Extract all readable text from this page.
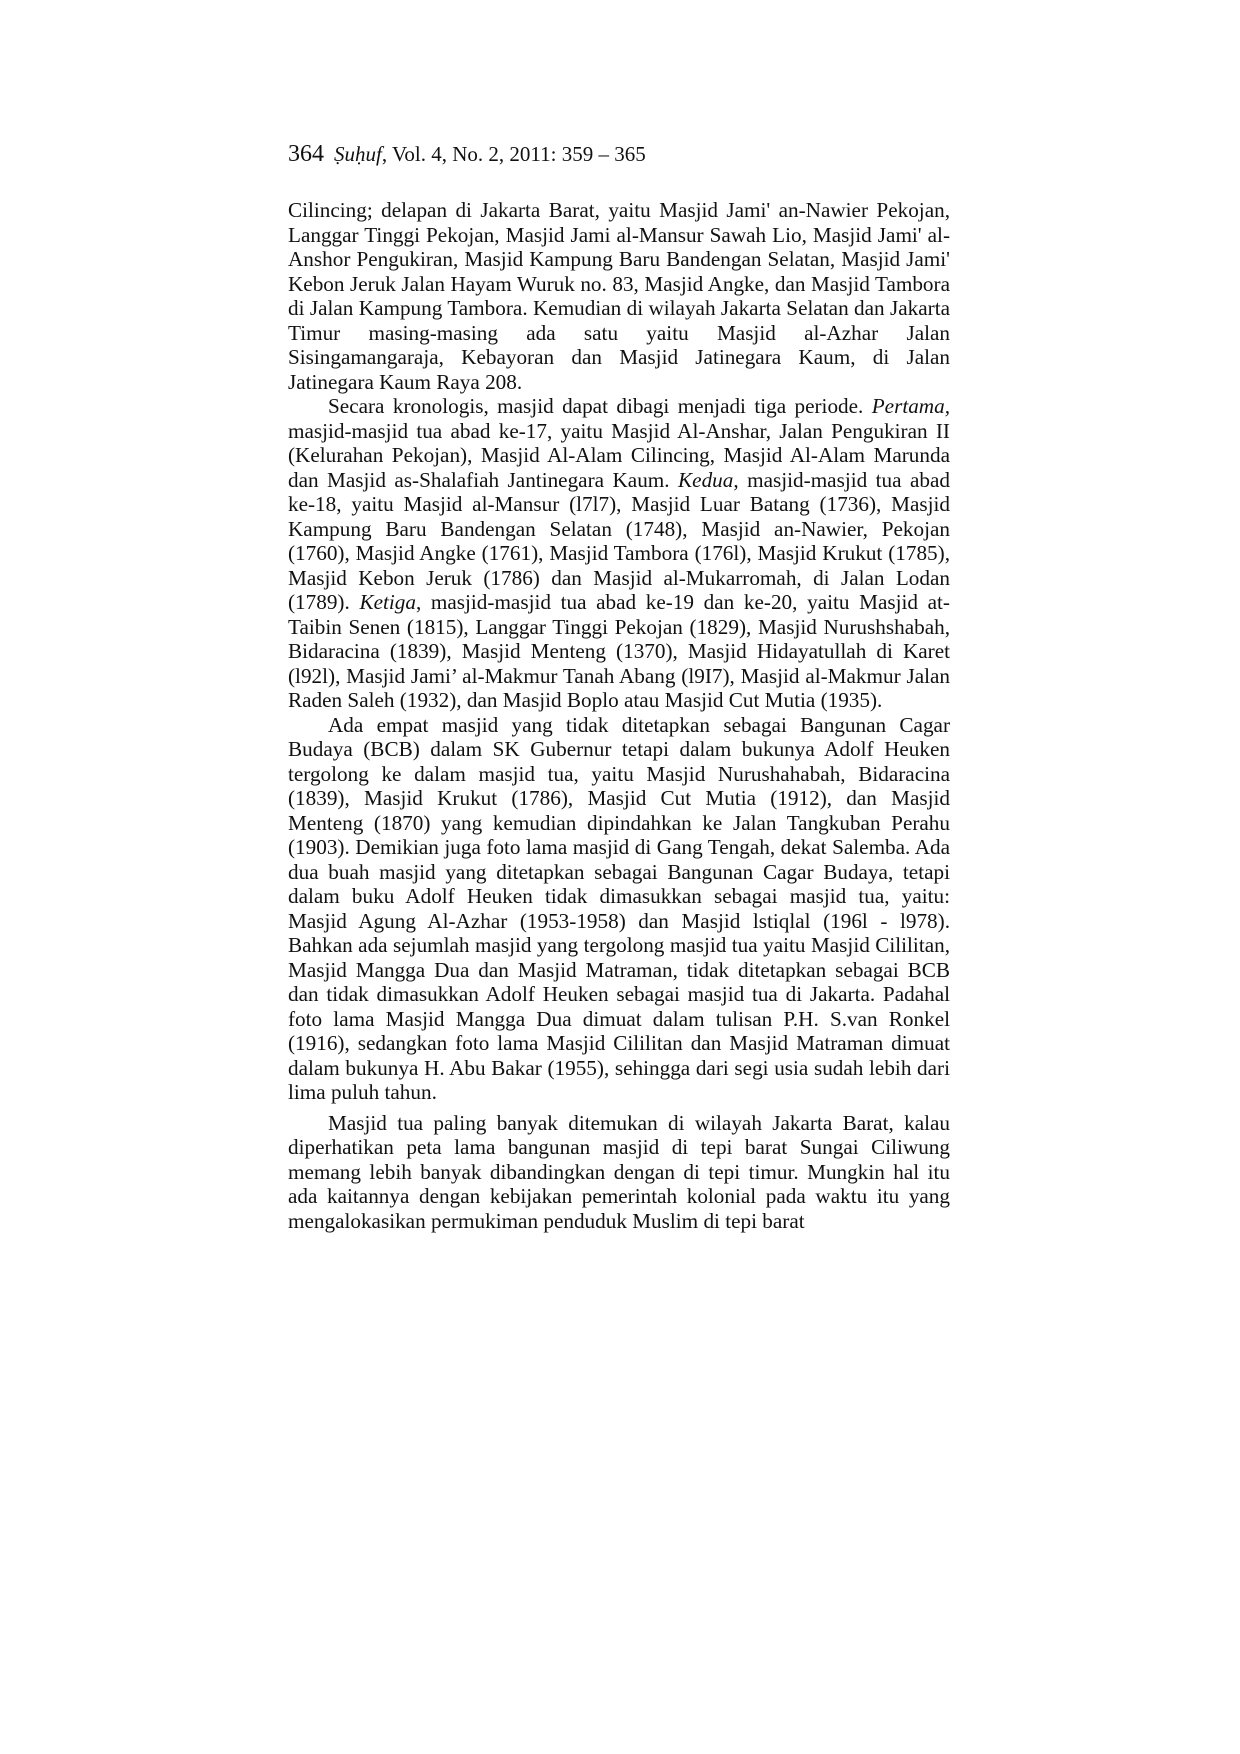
364 Ṣuḥuf, Vol. 4, No. 2, 2011: 359 – 365

Cilincing; delapan di Jakarta Barat, yaitu Masjid Jami' an-Nawier Pekojan, Langgar Tinggi Pekojan, Masjid Jami al-Mansur Sawah Lio, Masjid Jami' al-Anshor Pengukiran, Masjid Kampung Baru Bandengan Selatan, Masjid Jami' Kebon Jeruk Jalan Hayam Wuruk no. 83, Masjid Angke, dan Masjid Tambora di Jalan Kampung Tambora. Kemudian di wilayah Jakarta Selatan dan Jakarta Timur masing-masing ada satu yaitu Masjid al-Azhar Jalan Sisingamangaraja, Kebayoran dan Masjid Jatinegara Kaum, di Jalan Jatinegara Kaum Raya 208.

Secara kronologis, masjid dapat dibagi menjadi tiga periode. Pertama, masjid-masjid tua abad ke-17, yaitu Masjid Al-Anshar, Jalan Pengukiran II (Kelurahan Pekojan), Masjid Al-Alam Cilincing, Masjid Al-Alam Marunda dan Masjid as-Shalafiah Jantinegara Kaum. Kedua, masjid-masjid tua abad ke-18, yaitu Masjid al-Mansur (l7l7), Masjid Luar Batang (1736), Masjid Kampung Baru Bandengan Selatan (1748), Masjid an-Nawier, Pekojan (1760), Masjid Angke (1761), Masjid Tambora (176l), Masjid Krukut (1785), Masjid Kebon Jeruk (1786) dan Masjid al-Mukarromah, di Jalan Lodan (1789). Ketiga, masjid-masjid tua abad ke-19 dan ke-20, yaitu Masjid at-Taibin Senen (1815), Langgar Tinggi Pekojan (1829), Masjid Nurushshabah, Bidaracina (1839), Masjid Menteng (1370), Masjid Hidayatullah di Karet (l92l), Masjid Jami’ al-Makmur Tanah Abang (l9I7), Masjid al-Makmur Jalan Raden Saleh (1932), dan Masjid Boplo atau Masjid Cut Mutia (1935).

Ada empat masjid yang tidak ditetapkan sebagai Bangunan Cagar Budaya (BCB) dalam SK Gubernur tetapi dalam bukunya Adolf Heuken tergolong ke dalam masjid tua, yaitu Masjid Nurushahabah, Bidaracina (1839), Masjid Krukut (1786), Masjid Cut Mutia (1912), dan Masjid Menteng (1870) yang kemudian dipindahkan ke Jalan Tangkuban Perahu (1903). Demikian juga foto lama masjid di Gang Tengah, dekat Salemba. Ada dua buah masjid yang ditetapkan sebagai Bangunan Cagar Budaya, tetapi dalam buku Adolf Heuken tidak dimasukkan sebagai masjid tua, yaitu: Masjid Agung Al-Azhar (1953-1958) dan Masjid lstiqlal (196l - l978). Bahkan ada sejumlah masjid yang tergolong masjid tua yaitu Masjid Cililitan, Masjid Mangga Dua dan Masjid Matraman, tidak ditetapkan sebagai BCB dan tidak dimasukkan Adolf Heuken sebagai masjid tua di Jakarta. Padahal foto lama Masjid Mangga Dua dimuat dalam tulisan P.H. S.van Ronkel (1916), sedangkan foto lama Masjid Cililitan dan Masjid Matraman dimuat dalam bukunya H. Abu Bakar (1955), sehingga dari segi usia sudah lebih dari lima puluh tahun.

Masjid tua paling banyak ditemukan di wilayah Jakarta Barat, kalau diperhatikan peta lama bangunan masjid di tepi barat Sungai Ciliwung memang lebih banyak dibandingkan dengan di tepi timur. Mungkin hal itu ada kaitannya dengan kebijakan pemerintah kolonial pada waktu itu yang mengalokasikan permukiman penduduk Muslim di tepi barat
